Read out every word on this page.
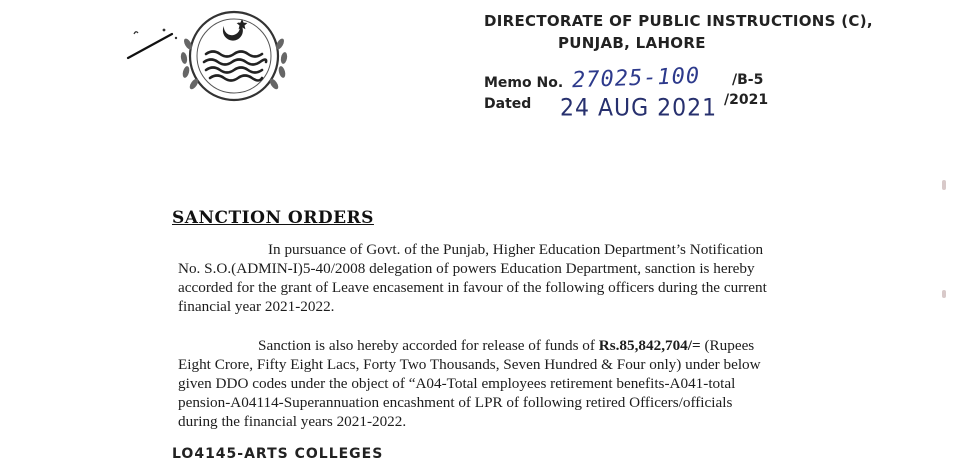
DIRECTORATE OF PUBLIC INSTRUCTIONS (C),
PUNJAB, LAHORE
Memo No. 27025-100 /B-5
Dated 24 AUG 2021 /2021
SANCTION ORDERS
In pursuance of Govt. of the Punjab, Higher Education Department’s Notification
No. S.O.(ADMIN-I)5-40/2008 delegation of powers Education Department, sanction is hereby
accorded for the grant of Leave encasement in favour of the following officers during the current
financial year 2021-2022.
Sanction is also hereby accorded for release of funds of Rs.85,842,704/= (Rupees
Eight Crore, Fifty Eight Lacs, Forty Two Thousands, Seven Hundred & Four only) under below
given DDO codes under the object of “A04-Total employees retirement benefits-A041-total
pension-A04114-Superannuation encashment of LPR of following retired Officers/officials
during the financial years 2021-2022.
LO4145-ARTS COLLEGES
